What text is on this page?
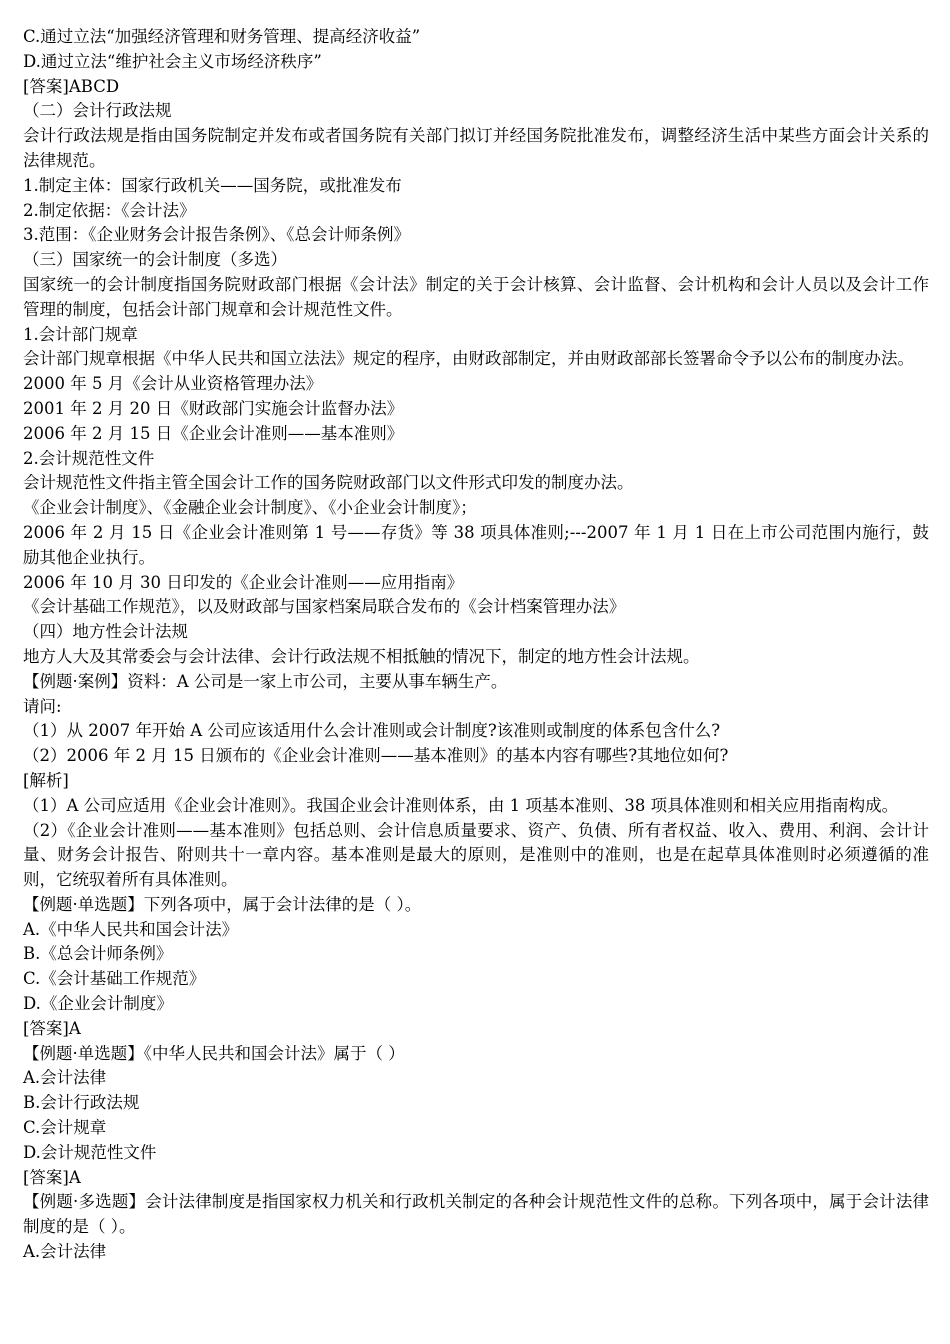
C.通过立法“加强经济管理和财务管理、提高经济收益”

D.通过立法“维护社会主义市场经济秩序”

[答案]ABCD

（二）会计行政法规

会计行政法规是指由国务院制定并发布或者国务院有关部门拟订并经国务院批准发布，调整经济生活中某些方面会计关系的法律规范。

1.制定主体：国家行政机关——国务院，或批准发布

2.制定依据：《会计法》

3.范围：《企业财务会计报告条例》、《总会计师条例》

（三）国家统一的会计制度（多选）

国家统一的会计制度指国务院财政部门根据《会计法》制定的关于会计核算、会计监督、会计机构和会计人员以及会计工作管理的制度，包括会计部门规章和会计规范性文件。

1.会计部门规章

会计部门规章根据《中华人民共和国立法法》规定的程序，由财政部制定，并由财政部部长签署命令予以公布的制度办法。

2000 年 5 月《会计从业资格管理办法》

2001 年 2 月 20 日《财政部门实施会计监督办法》

2006 年 2 月 15 日《企业会计准则——基本准则》

2.会计规范性文件

会计规范性文件指主管全国会计工作的国务院财政部门以文件形式印发的制度办法。

《企业会计制度》、《金融企业会计制度》、《小企业会计制度》；

2006 年 2 月 15 日《企业会计准则第 1 号——存货》等 38 项具体准则;---2007 年 1 月 1 日在上市公司范围内施行，鼓励其他企业执行。

2006 年 10 月 30 日印发的《企业会计准则——应用指南》

《会计基础工作规范》，以及财政部与国家档案局联合发布的《会计档案管理办法》

（四）地方性会计法规

地方人大及其常委会与会计法律、会计行政法规不相抵触的情况下，制定的地方性会计法规。

【例题·案例】资料：A 公司是一家上市公司，主要从事车辆生产。

请问:

（1）从 2007 年开始 A 公司应该适用什么会计准则或会计制度?该准则或制度的体系包含什么?

（2）2006 年 2 月 15 日颁布的《企业会计准则——基本准则》的基本内容有哪些?其地位如何?

[解析]

（1）A 公司应适用《企业会计准则》。我国企业会计准则体系，由 1 项基本准则、38 项具体准则和相关应用指南构成。

（2）《企业会计准则——基本准则》包括总则、会计信息质量要求、资产、负债、所有者权益、收入、费用、利润、会计计量、财务会计报告、附则共十一章内容。基本准则是最大的原则，是准则中的准则，也是在起草具体准则时必须遵循的准则，它统驭着所有具体准则。

【例题·单选题】下列各项中，属于会计法律的是（ ）。

A.《中华人民共和国会计法》

B.《总会计师条例》

C.《会计基础工作规范》

D.《企业会计制度》

[答案]A

【例题·单选题】《中华人民共和国会计法》属于（ ）

A.会计法律

B.会计行政法规

C.会计规章

D.会计规范性文件

[答案]A

【例题·多选题】会计法律制度是指国家权力机关和行政机关制定的各种会计规范性文件的总称。下列各项中，属于会计法律制度的是（ ）。

A.会计法律
